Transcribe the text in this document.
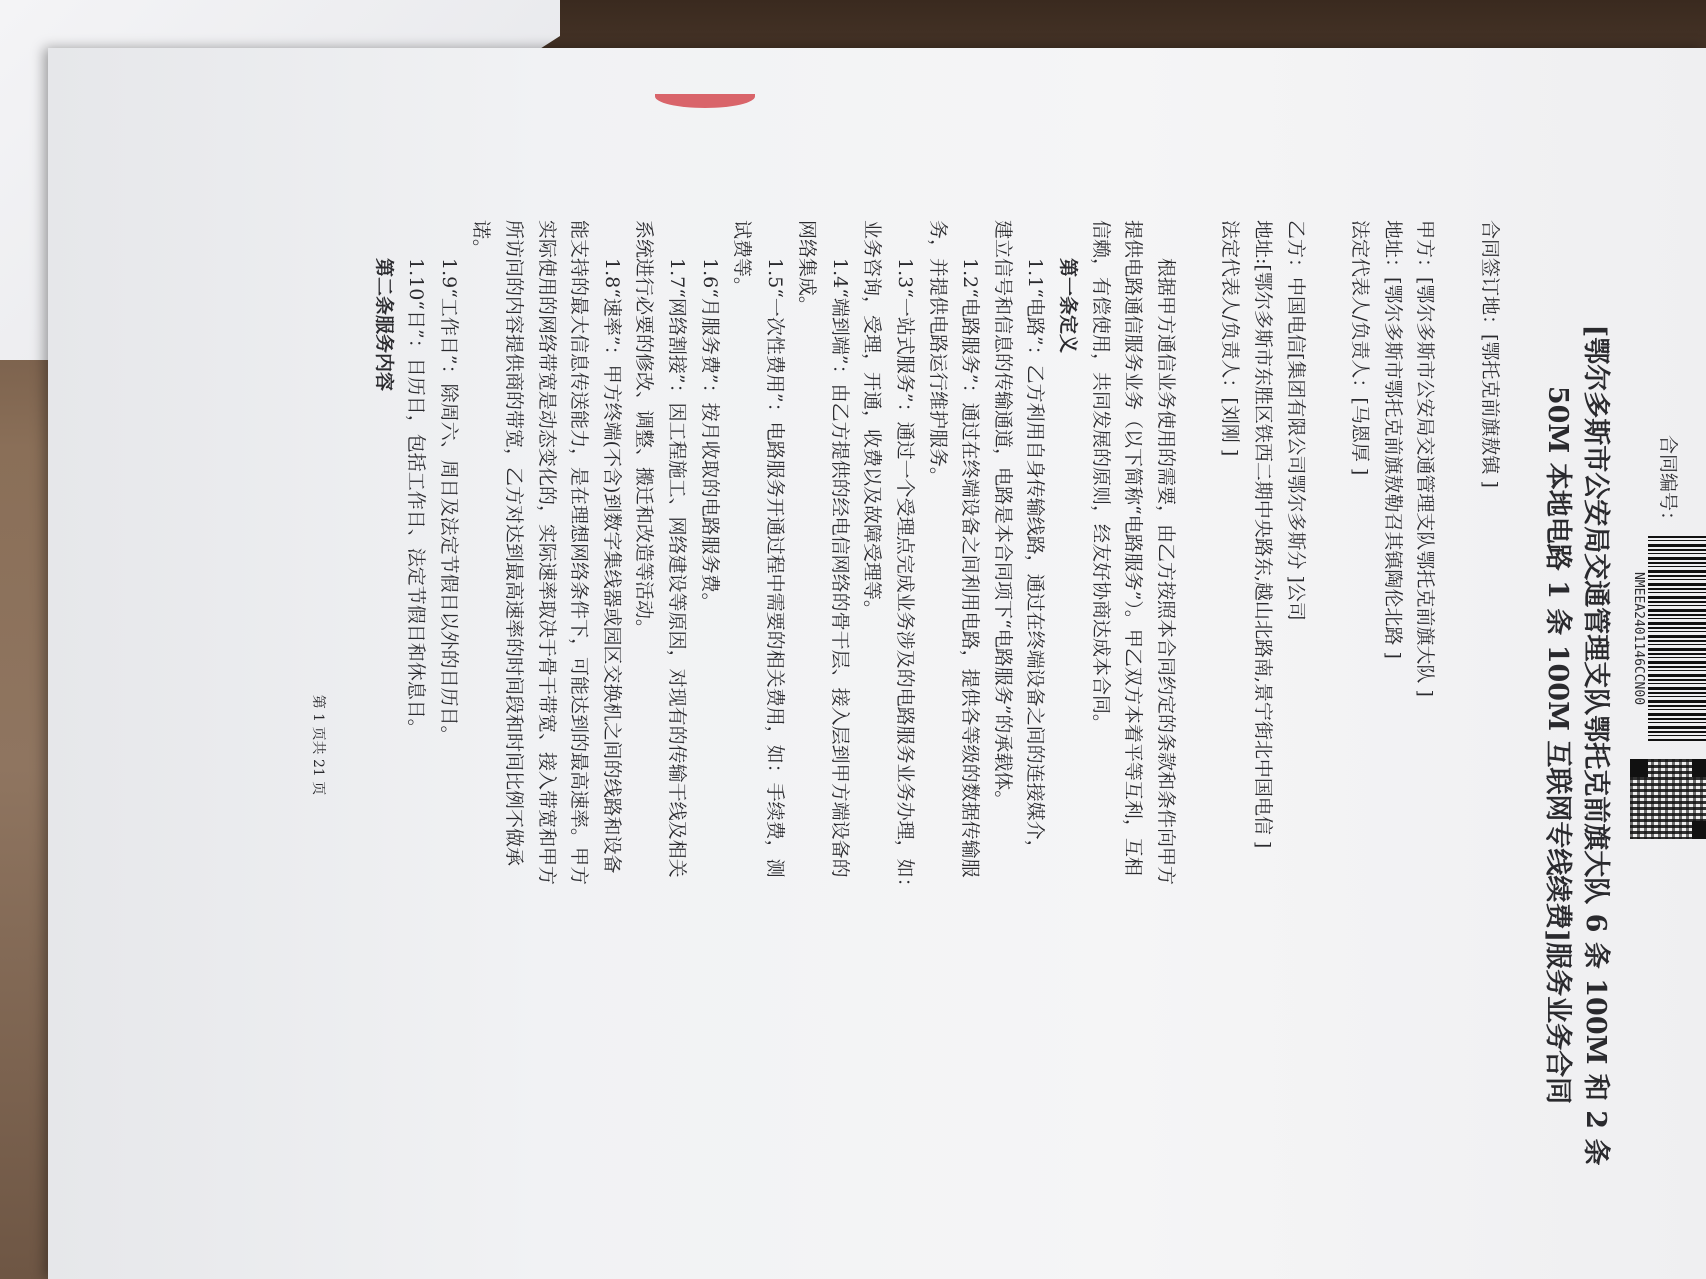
合同编号：
NMEEA2401146CCN00
[鄂尔多斯市公安局交通管理支队鄂托克前旗大队 6 条 100M 和 2 条
50M 本地电路 1 条 100M 互联网专线续费]服务业务合同
合同签订地：[鄂托克前旗敖镇 ]
甲方：[鄂尔多斯市公安局交通管理支队鄂托克前旗大队 ]
地址：[鄂尔多斯市鄂托克前旗敖勒召其镇陶伦北路 ]
法定代表人/负责人：[马恩厚 ]
乙方：中国电信[集团有限公司鄂尔多斯分 ]公司
地址:[鄂尔多斯市东胜区铁西二期中央路东,越山北路南,景宁街北中国电信 ]
法定代表人/负责人：[刘刚 ]
根据甲方通信业务使用的需要，由乙方按照本合同约定的条款和条件向甲方
提供电路通信服务业务（以下简称“电路服务”）。甲乙双方本着平等互利，互相
信赖，有偿使用，共同发展的原则，经友好协商达成本合同。
第一条定义
1.1“电路”：乙方利用自身传输线路，通过在终端设备之间的连接媒介，
建立信号和信息的传输通道，电路是本合同项下“电路服务”的承载体。
1.2“电路服务”：通过在终端设备之间利用电路，提供各等级的数据传输服
务，并提供电路运行维护服务。
1.3“一站式服务”：通过一个受理点完成业务涉及的电路服务业务办理，如：
业务咨询，受理，开通，收费以及故障受理等。
1.4“端到端”：由乙方提供的经电信网络的骨干层、接入层到甲方端设备的
网络集成。
1.5“一次性费用”：电路服务开通过程中需要的相关费用，如：手续费，测
试费等。
1.6“月服务费”：按月收取的电路服务费。
1.7“网络割接”：因工程施工、网络建设等原因，对现有的传输干线及相关
系统进行必要的修改、调整、搬迁和改造等活动。
1.8“速率”：甲方终端(不含)到数字集线器或园区交换机之间的线路和设备
能支持的最大信息传送能力，是在理想网络条件下，可能达到的最高速率。甲方
实际使用的网络带宽是动态变化的，实际速率取决于骨干带宽、接入带宽和甲方
所访问的内容提供商的带宽，乙方对达到最高速率的时间段和时间比例不做承
诺。
1.9“工作日”：除周六、周日及法定节假日以外的日历日。
1.10“日”：日历日，包括工作日、法定节假日和休息日。
第二条服务内容
第 1 页共 21 页
